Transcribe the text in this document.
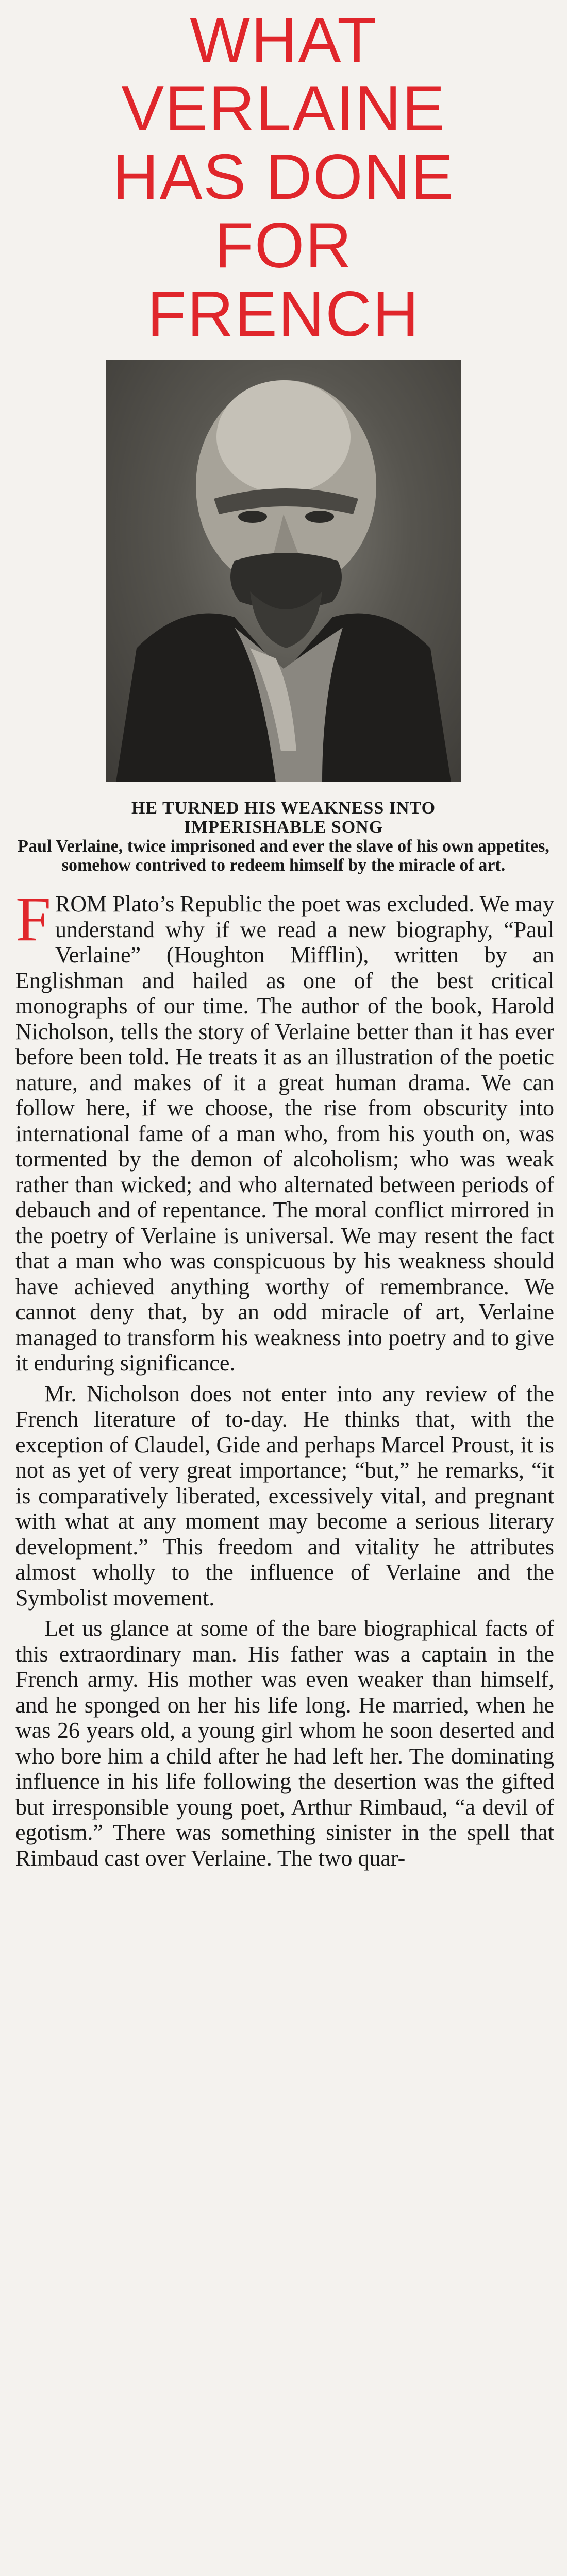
WHAT
VERLAINE
HAS DONE
FOR
FRENCH
HE TURNED HIS WEAKNESS INTO
IMPERISHABLE SONG
Paul Verlaine, twice imprisoned and ever the slave of his own appetites, somehow contrived to redeem himself by the miracle of art.

FROM Plato’s Republic the poet was excluded. We may understand why if we read a new biography, “Paul Verlaine” (Houghton Mifflin), written by an Englishman and hailed as one of the best critical monographs of our time. The author of the book, Harold Nicholson, tells the story of Verlaine better than it has ever before been told. He treats it as an illustration of the poetic nature, and makes of it a great human drama. We can follow here, if we choose, the rise from obscurity into international fame of a man who, from his youth on, was tormented by the demon of alcoholism; who was weak rather than wicked; and who alternated between periods of debauch and of repentance. The moral conflict mirrored in the poetry of Verlaine is universal. We may resent the fact that a man who was conspicuous by his weakness should have achieved anything worthy of remembrance. We cannot deny that, by an odd miracle of art, Verlaine managed to transform his weakness into poetry and to give it enduring significance.

Mr. Nicholson does not enter into any review of the French literature of to-day. He thinks that, with the exception of Claudel, Gide and perhaps Marcel Proust, it is not as yet of very great importance; “but,” he remarks, “it is comparatively liberated, excessively vital, and pregnant with what at any moment may become a serious literary development.” This freedom and vitality he attributes almost wholly to the influence of Verlaine and the Symbolist movement.

Let us glance at some of the bare biographical facts of this extraordinary man. His father was a captain in the French army. His mother was even weaker than himself, and he sponged on her his life long. He married, when he was 26 years old, a young girl whom he soon deserted and who bore him a child after he had left her. The dominating influence in his life following the desertion was the gifted but irresponsible young poet, Arthur Rimbaud, “a devil of egotism.” There was something sinister in the spell that Rimbaud cast over Verlaine. The two quar-
